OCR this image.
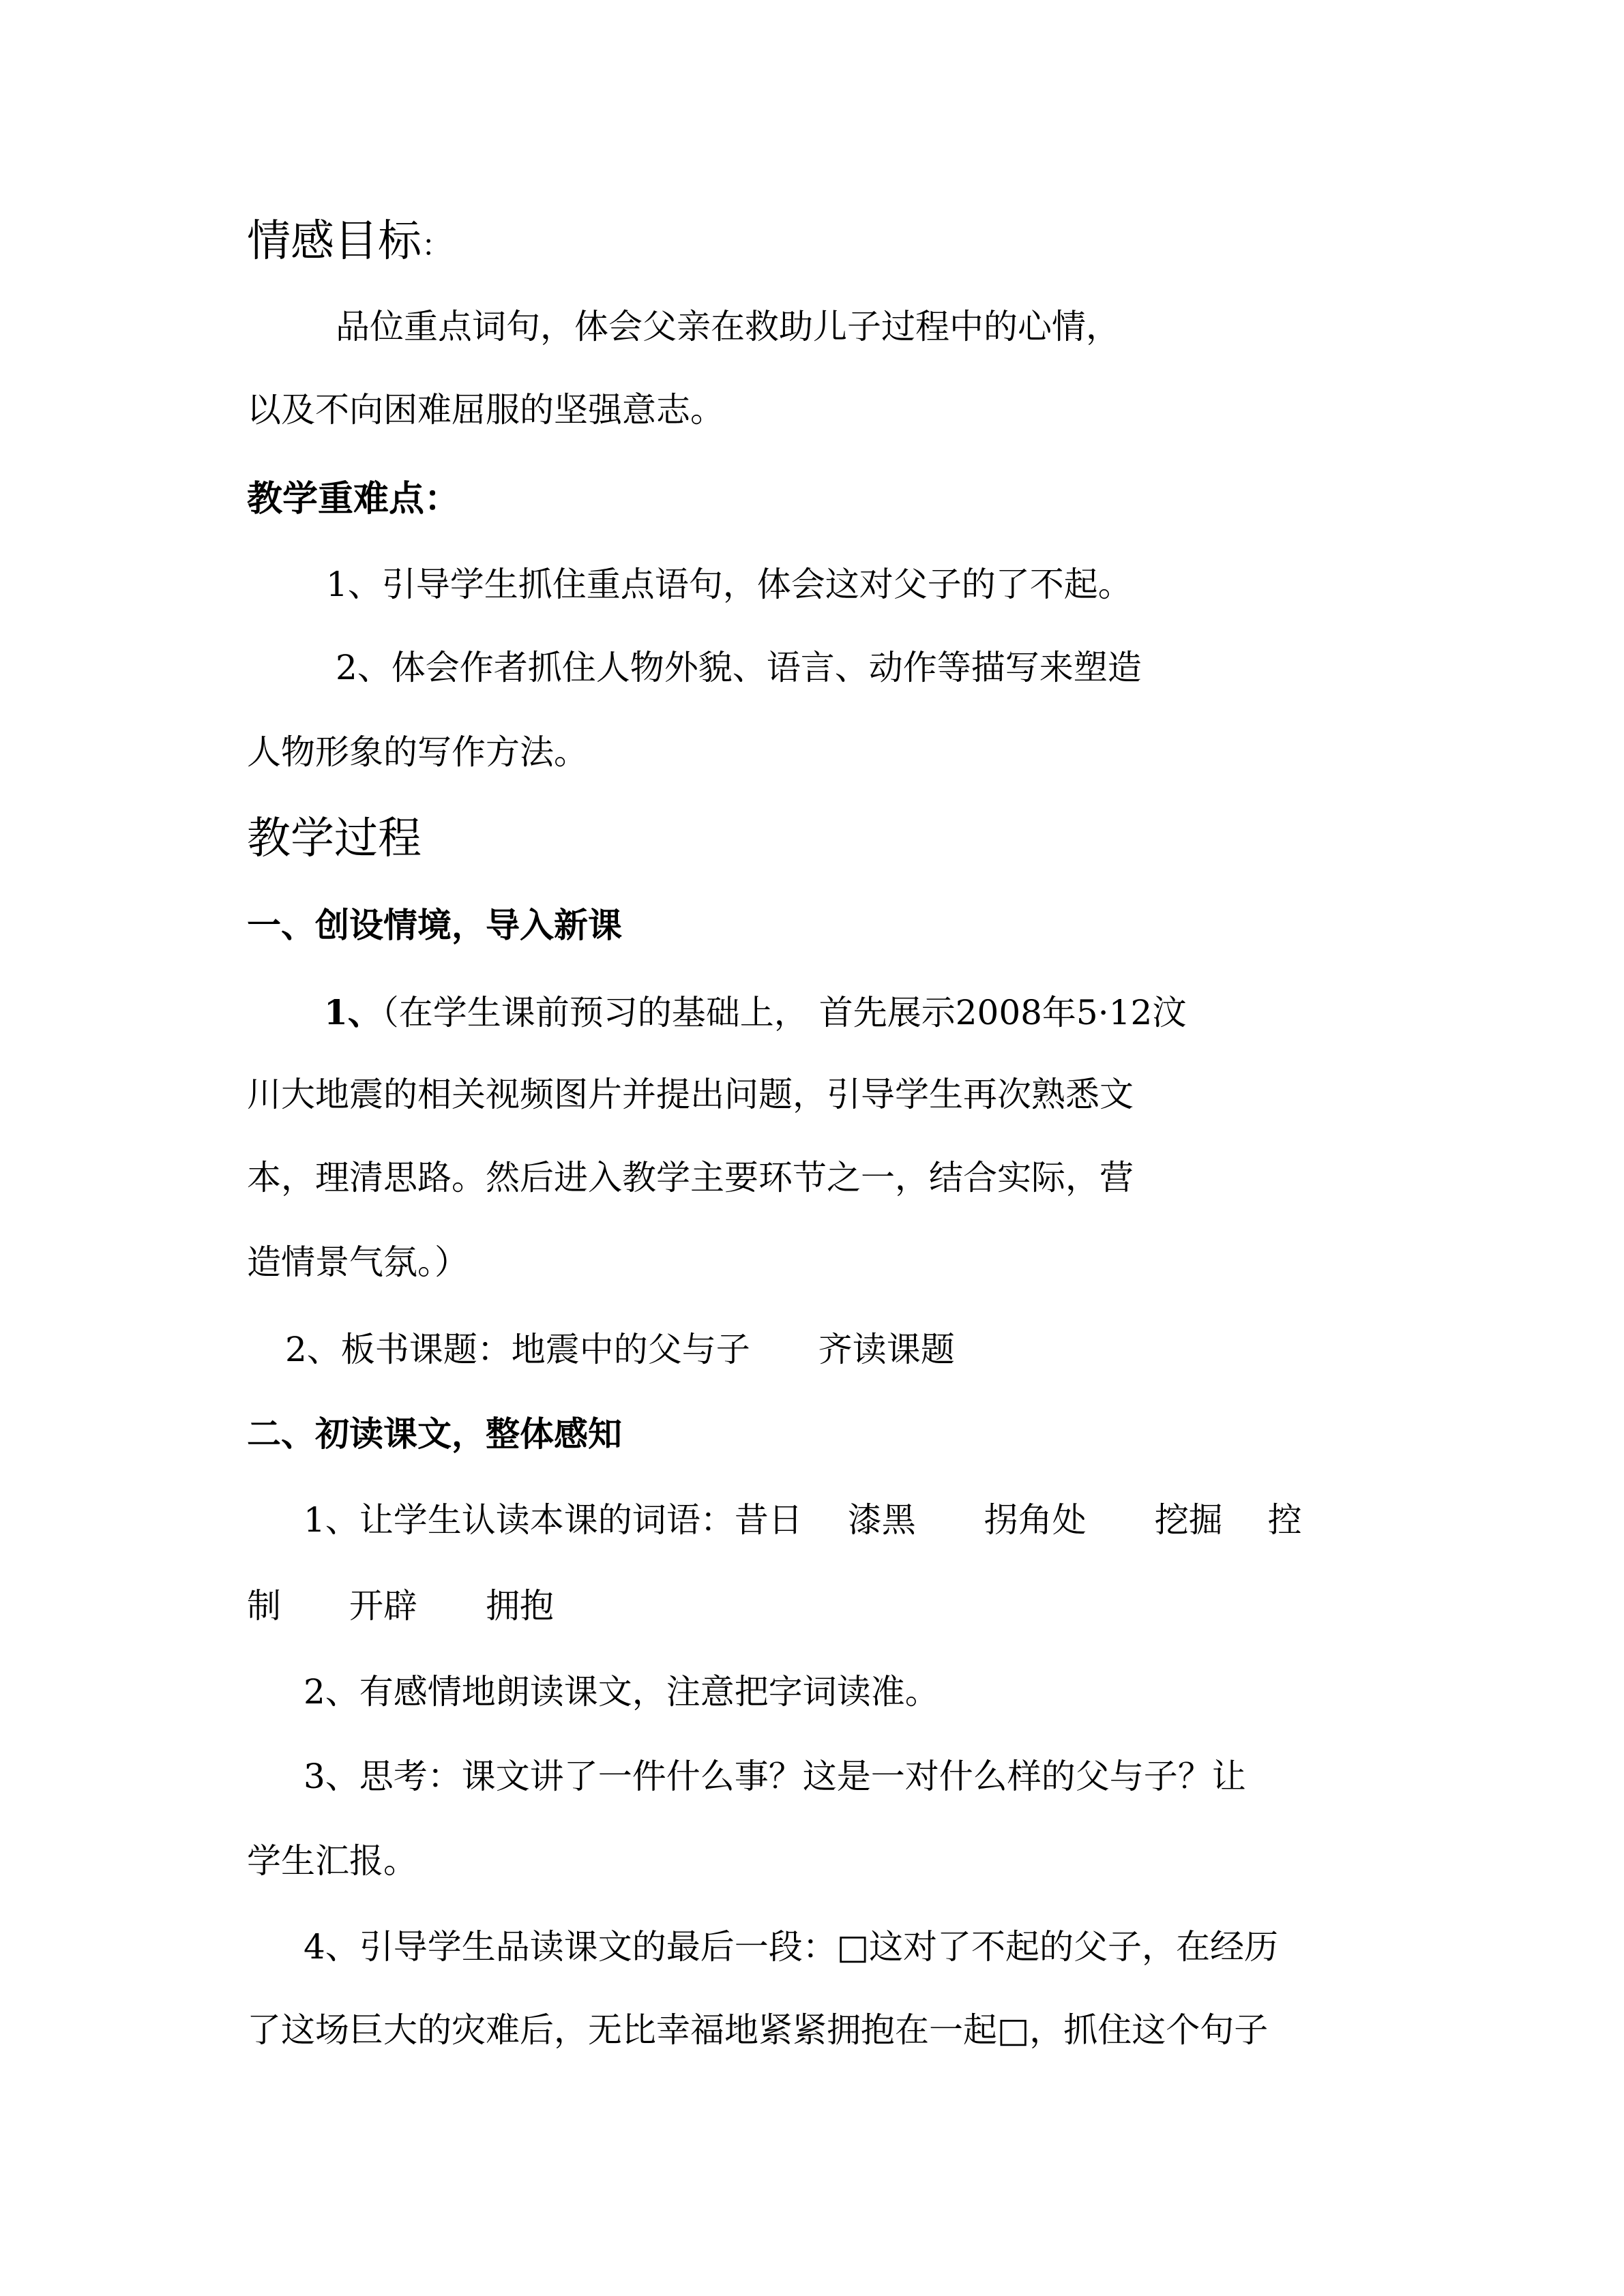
情感目标：
品位重点词句，体会父亲在救助儿子过程中的心情，
以及不向困难屈服的坚强意志。
教学重难点：
1、引导学生抓住重点语句，体会这对父子的了不起。
2、体会作者抓住人物外貌、语言、动作等描写来塑造
人物形象的写作方法。
教学过程
一、创设情境，导入新课
1、（在学生课前预习的基础上， 首先展示2008年5·12汶
川大地震的相关视频图片并提出问题，引导学生再次熟悉文
本，理清思路。然后进入教学主要环节之一，结合实际，营
造情景气氛。）
2、板书课题：地震中的父与子　　齐读课题
二、初读课文，整体感知
1、让学生认读本课的词语：昔日　 漆黑　　拐角处　　挖掘　 控
制　　开辟　　拥抱
2、有感情地朗读课文，注意把字词读准。
3、思考：课文讲了一件什么事？这是一对什么样的父与子？让
学生汇报。
4、引导学生品读课文的最后一段：□这对了不起的父子，在经历
了这场巨大的灾难后，无比幸福地紧紧拥抱在一起□，抓住这个句子
